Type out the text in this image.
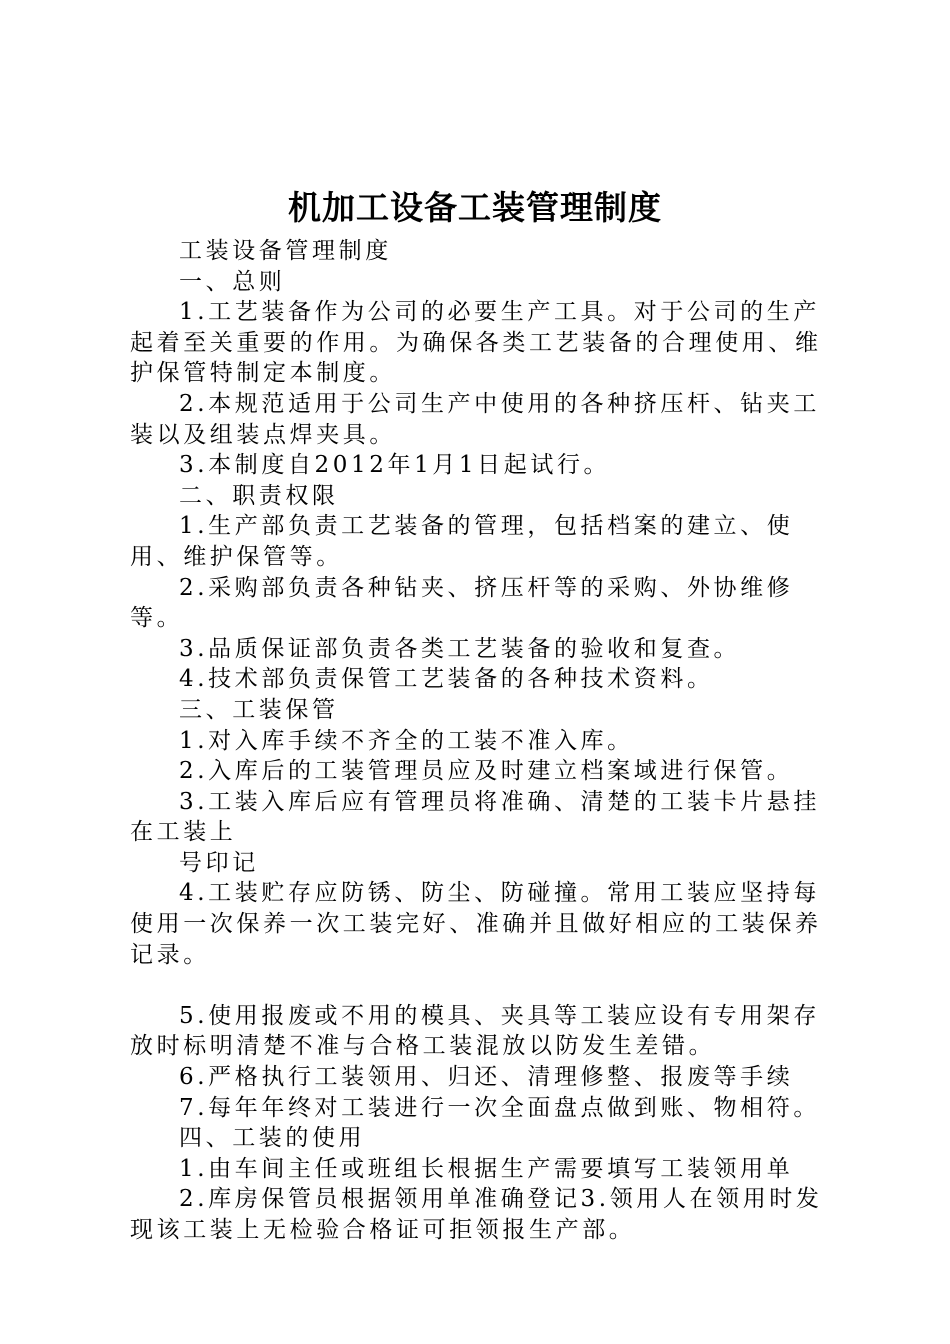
机加工设备工装管理制度

工装设备管理制度

一、总则

1.工艺装备作为公司的必要生产工具。对于公司的生产起着至关重要的作用。为确保各类工艺装备的合理使用、维护保管特制定本制度。

2.本规范适用于公司生产中使用的各种挤压杆、钻夹工装以及组装点焊夹具。

3.本制度自2012年1月1日起试行。

二、职责权限

1.生产部负责工艺装备的管理，包括档案的建立、使用、维护保管等。

2.采购部负责各种钻夹、挤压杆等的采购、外协维修等。

3.品质保证部负责各类工艺装备的验收和复查。

4.技术部负责保管工艺装备的各种技术资料。

三、工装保管

1.对入库手续不齐全的工装不准入库。

2.入库后的工装管理员应及时建立档案域进行保管。

3.工装入库后应有管理员将准确、清楚的工装卡片悬挂在工装上

号印记

4.工装贮存应防锈、防尘、防碰撞。常用工装应坚持每使用一次保养一次工装完好、准确并且做好相应的工装保养记录。

5.使用报废或不用的模具、夹具等工装应设有专用架存放时标明清楚不准与合格工装混放以防发生差错。

6.严格执行工装领用、归还、清理修整、报废等手续

7.每年年终对工装进行一次全面盘点做到账、物相符。

四、工装的使用

1.由车间主任或班组长根据生产需要填写工装领用单

2.库房保管员根据领用单准确登记3.领用人在领用时发现该工装上无检验合格证可拒领报生产部。
